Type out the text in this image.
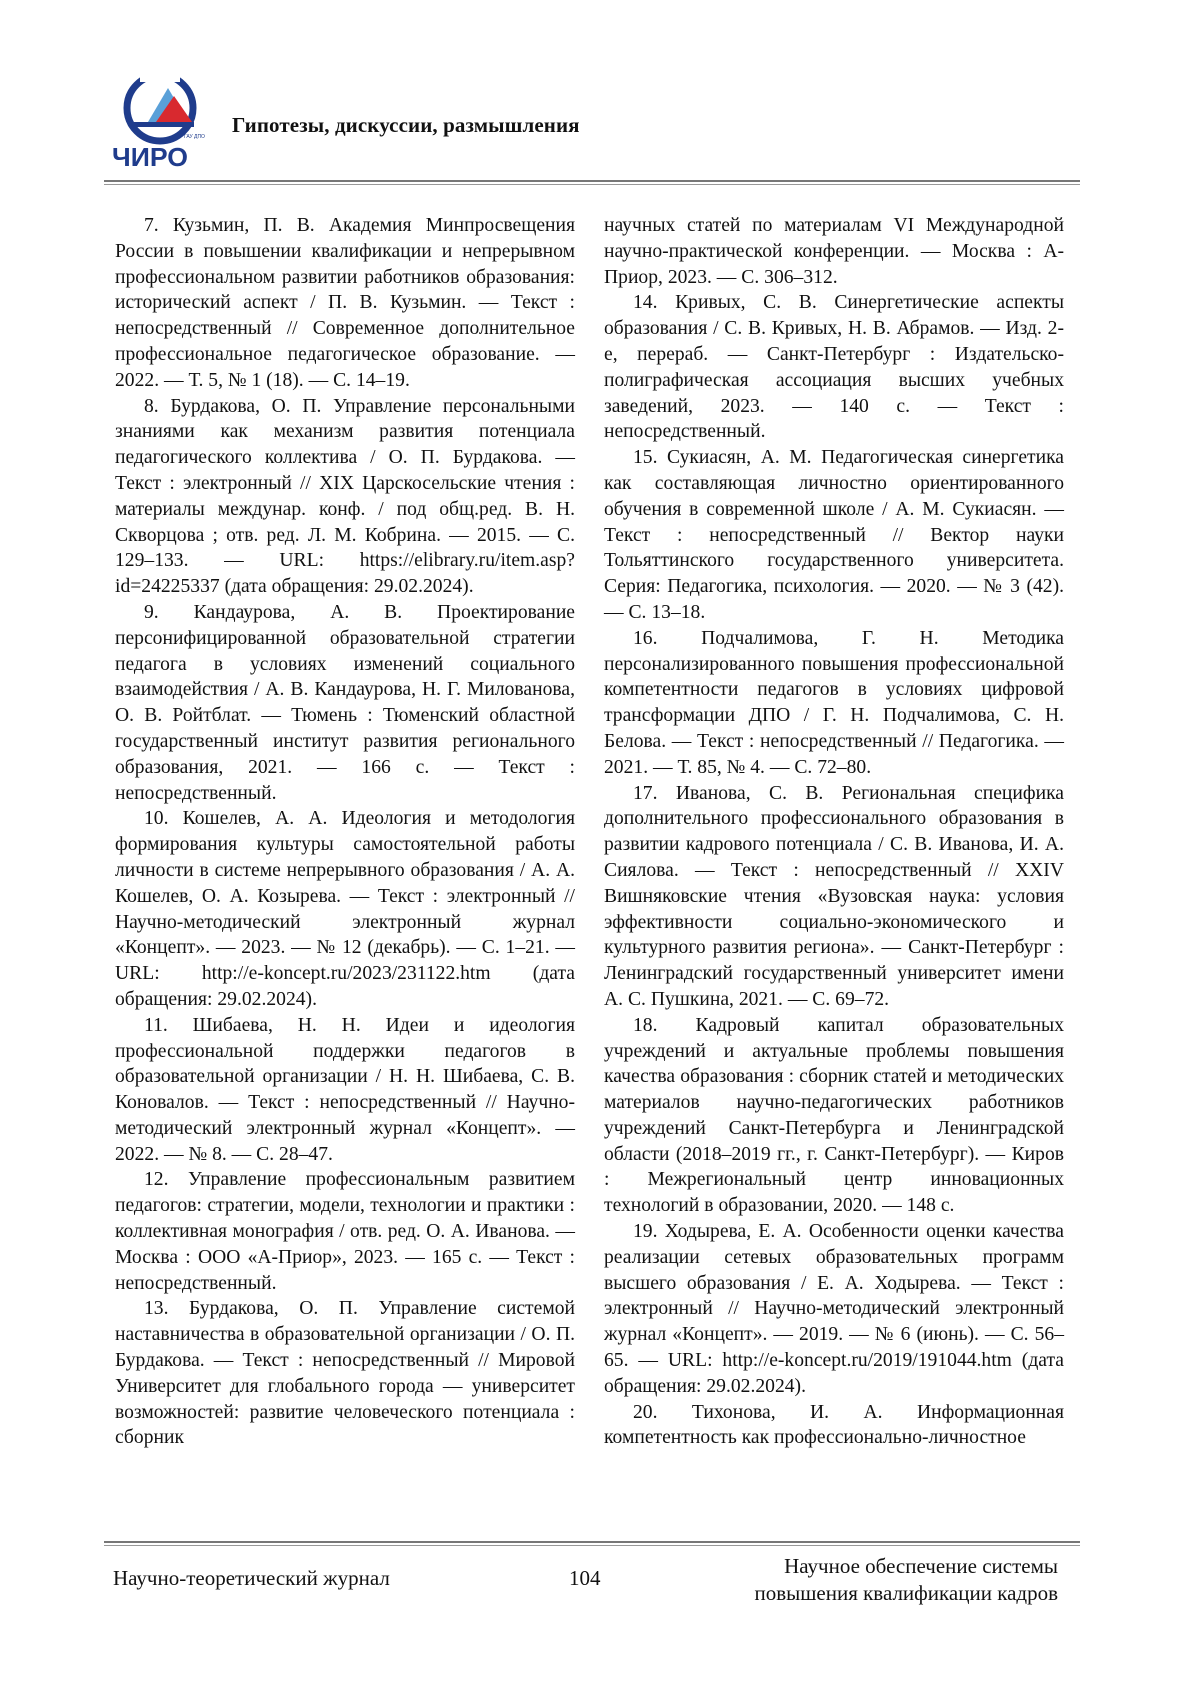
ГАУ ДПО
ЧИРО
Гипотезы, дискуссии, размышления

7. Кузьмин, П. В. Академия Минпросвещения России в повышении квалификации и непрерывном профессиональном развитии работников образования: исторический аспект / П. В. Кузьмин. — Текст : непосредственный // Современное дополнительное профессиональное педагогическое образование. — 2022. — Т. 5, № 1 (18). — С. 14–19.

8. Бурдакова, О. П. Управление персональными знаниями как механизм развития потенциала педагогического коллектива / О. П. Бурдакова. — Текст : электронный // XIX Царскосельские чтения : материалы междунар. конф. / под общ.ред. В. Н. Скворцова ; отв. ред. Л. М. Кобрина. — 2015. — С. 129–133. — URL: https://elibrary.ru/item.asp?id=24225337 (дата обращения: 29.02.2024).

9. Кандаурова, А. В. Проектирование персонифицированной образовательной стратегии педагога в условиях изменений социального взаимодействия / А. В. Кандаурова, Н. Г. Милованова, О. В. Ройтблат. — Тюмень : Тюменский областной государственный институт развития регионального образования, 2021. — 166 с. — Текст : непосредственный.

10. Кошелев, А. А. Идеология и методология формирования культуры самостоятельной работы личности в системе непрерывного образования / А. А. Кошелев, О. А. Козырева. — Текст : электронный // Научно-методический электронный журнал «Концепт». — 2023. — № 12 (декабрь). — С. 1–21. — URL: http://e-koncept.ru/2023/231122.htm (дата обращения: 29.02.2024).

11. Шибаева, Н. Н. Идеи и идеология профессиональной поддержки педагогов в образовательной организации / Н. Н. Шибаева, С. В. Коновалов. — Текст : непосредственный // Научно-методический электронный журнал «Концепт». — 2022. — № 8. — С. 28–47.

12. Управление профессиональным развитием педагогов: стратегии, модели, технологии и практики : коллективная монография / отв. ред. О. А. Иванова. — Москва : ООО «А-Приор», 2023. — 165 с. — Текст : непосредственный.

13. Бурдакова, О. П. Управление системой наставничества в образовательной организации / О. П. Бурдакова. — Текст : непосредственный // Мировой Университет для глобального города — университет возможностей: развитие человеческого потенциала : сборник

научных статей по материалам VI Международной научно-практической конференции. — Москва : А-Приор, 2023. — С. 306–312.

14. Кривых, С. В. Синергетические аспекты образования / С. В. Кривых, Н. В. Абрамов. — Изд. 2-е, перераб. — Санкт-Петербург : Издательско-полиграфическая ассоциация высших учебных заведений, 2023. — 140 с. — Текст : непосредственный.

15. Сукиасян, А. М. Педагогическая синергетика как составляющая личностно ориентированного обучения в современной школе / А. М. Сукиасян. — Текст : непосредственный // Вектор науки Тольяттинского государственного университета. Серия: Педагогика, психология. — 2020. — № 3 (42). — С. 13–18.

16. Подчалимова, Г. Н. Методика персонализированного повышения профессиональной компетентности педагогов в условиях цифровой трансформации ДПО / Г. Н. Подчалимова, С. Н. Белова. — Текст : непосредственный // Педагогика. — 2021. — Т. 85, № 4. — С. 72–80.

17. Иванова, С. В. Региональная специфика дополнительного профессионального образования в развитии кадрового потенциала / С. В. Иванова, И. А. Сиялова. — Текст : непосредственный // XXIV Вишняковские чтения «Вузовская наука: условия эффективности социально-экономического и культурного развития региона». — Санкт-Петербург : Ленинградский государственный университет имени А. С. Пушкина, 2021. — С. 69–72.

18. Кадровый капитал образовательных учреждений и актуальные проблемы повышения качества образования : сборник статей и методических материалов научно-педагогических работников учреждений Санкт-Петербурга и Ленинградской области (2018–2019 гг., г. Санкт-Петербург). — Киров : Межрегиональный центр инновационных технологий в образовании, 2020. — 148 с.

19. Ходырева, Е. А. Особенности оценки качества реализации сетевых образовательных программ высшего образования / Е. А. Ходырева. — Текст : электронный // Научно-методический электронный журнал «Концепт». — 2019. — № 6 (июнь). — С. 56–65. — URL: http://e-koncept.ru/2019/191044.htm (дата обращения: 29.02.2024).

20. Тихонова, И. А. Информационная компетентность как профессионально-личностное

Научно-теоретический журнал	104	Научное обеспечение системы
повышения квалификации кадров
